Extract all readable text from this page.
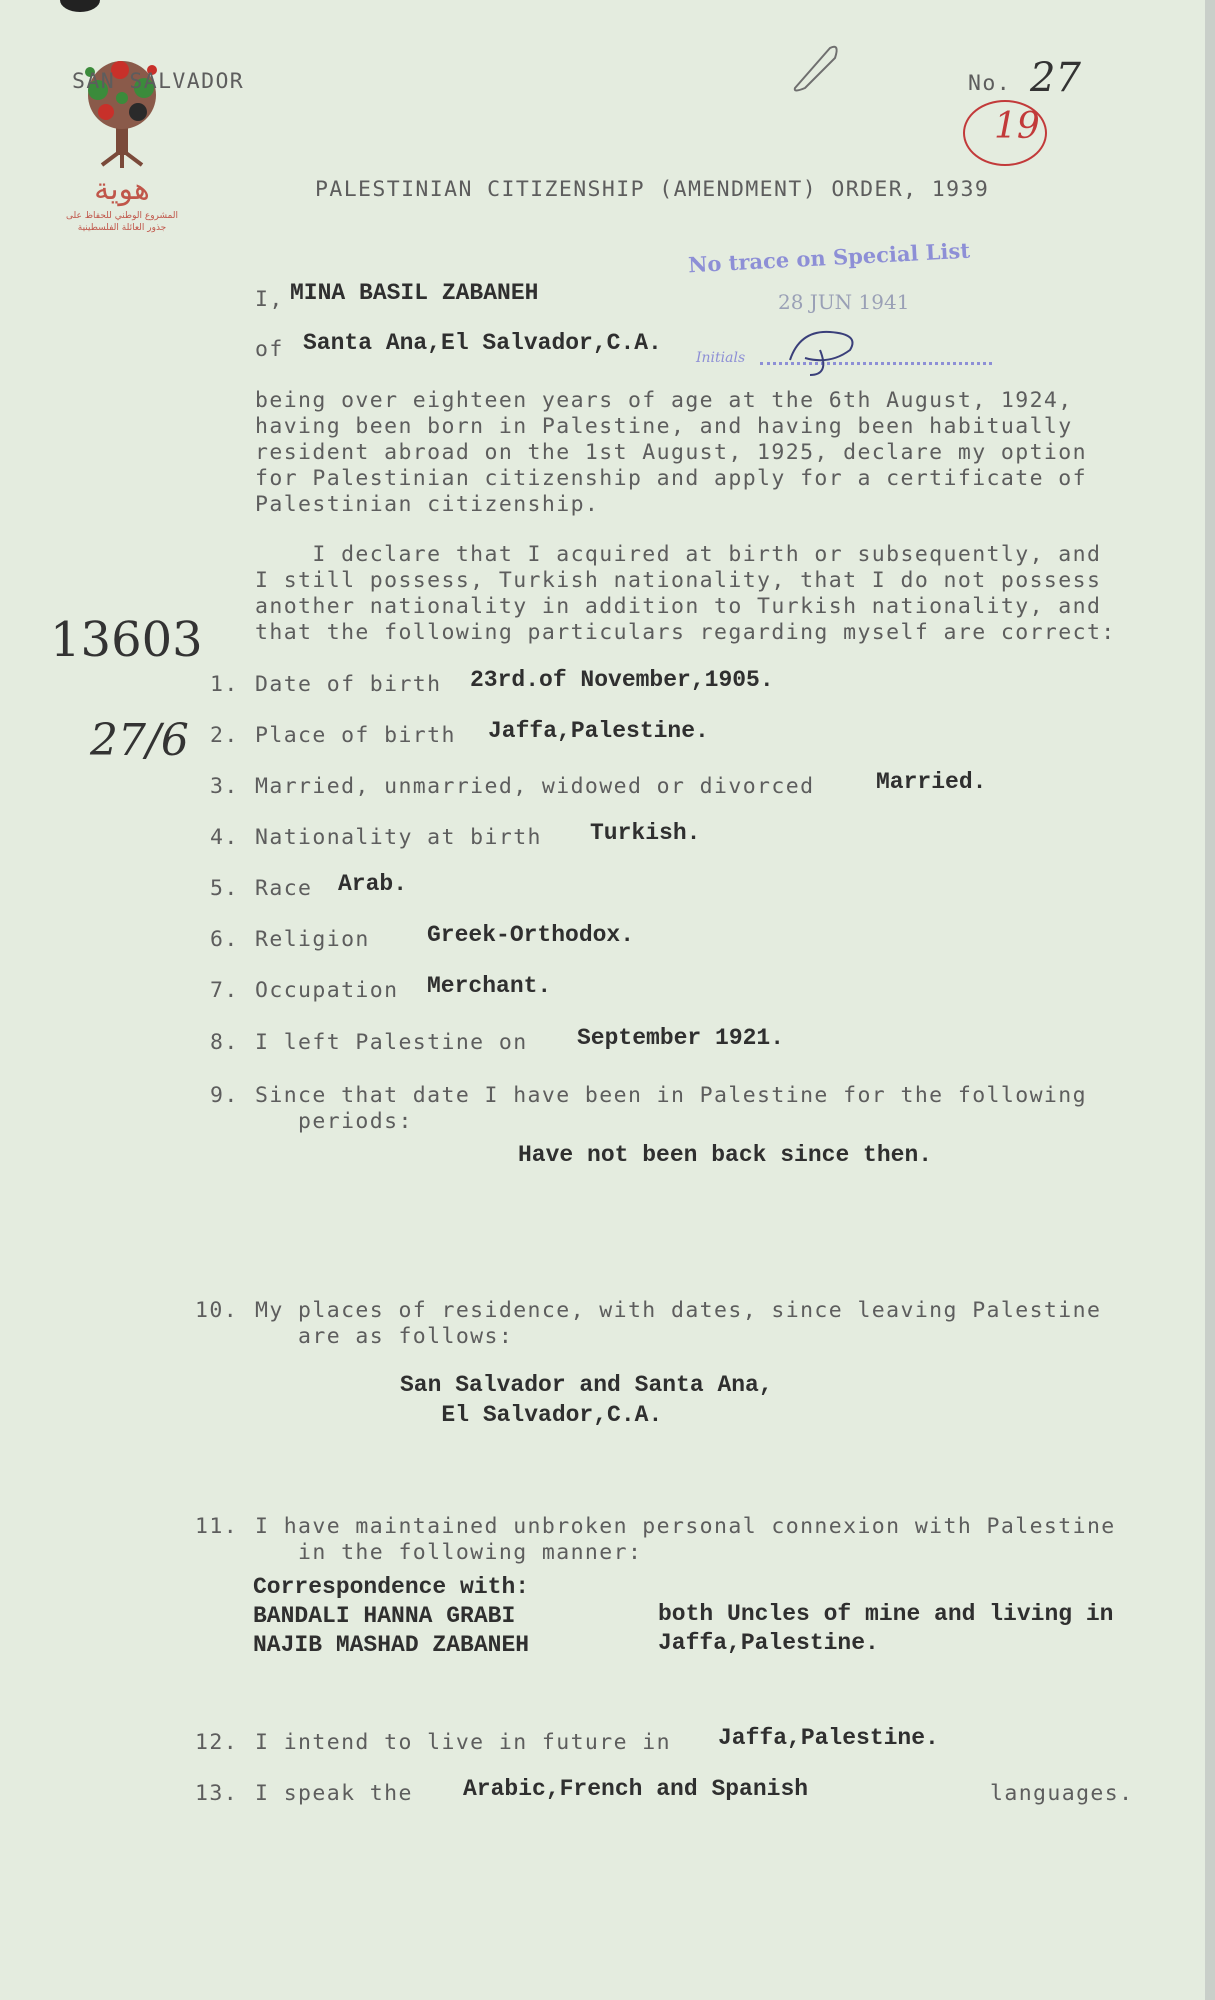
هوية
المشروع الوطني للحفاظ على
جذور العائلة الفلسطينية
SAN SALVADOR	No. 27
19
PALESTINIAN CITIZENSHIP (AMENDMENT) ORDER, 1939
No trace on Special List
28 JUN 1941
Initials
I, MINA BASIL ZABANEH
of Santa Ana,El Salvador,C.A.
being over eighteen years of age at the 6th August, 1924,
having been born in Palestine, and having been habitually
resident abroad on the 1st August, 1925, declare my option
for Palestinian citizenship and apply for a certificate of
Palestinian citizenship.
I declare that I acquired at birth or subsequently, and
I still possess, Turkish nationality, that I do not possess
another nationality in addition to Turkish nationality, and
that the following particulars regarding myself are correct:
13603
27/6
1. Date of birth 23rd.of November,1905.
2. Place of birth Jaffa,Palestine.
3. Married, unmarried, widowed or divorced	Married.
4. Nationality at birth Turkish.
5. Race Arab.
6. Religion Greek-Orthodox.
7. Occupation Merchant.
8. I left Palestine on September 1921.
9. Since that date I have been in Palestine for the following
periods:
Have not been back since then.
10. My places of residence, with dates, since leaving Palestine
are as follows:
San Salvador and Santa Ana,
El Salvador,C.A.
11. I have maintained unbroken personal connexion with Palestine
in the following manner:
Correspondence with:
BANDALI HANNA GRABI
NAJIB MASHAD ZABANEH
both Uncles of mine and living in
Jaffa,Palestine.
12. I intend to live in future in Jaffa,Palestine.
13. I speak the Arabic,French and Spanish	languages.
